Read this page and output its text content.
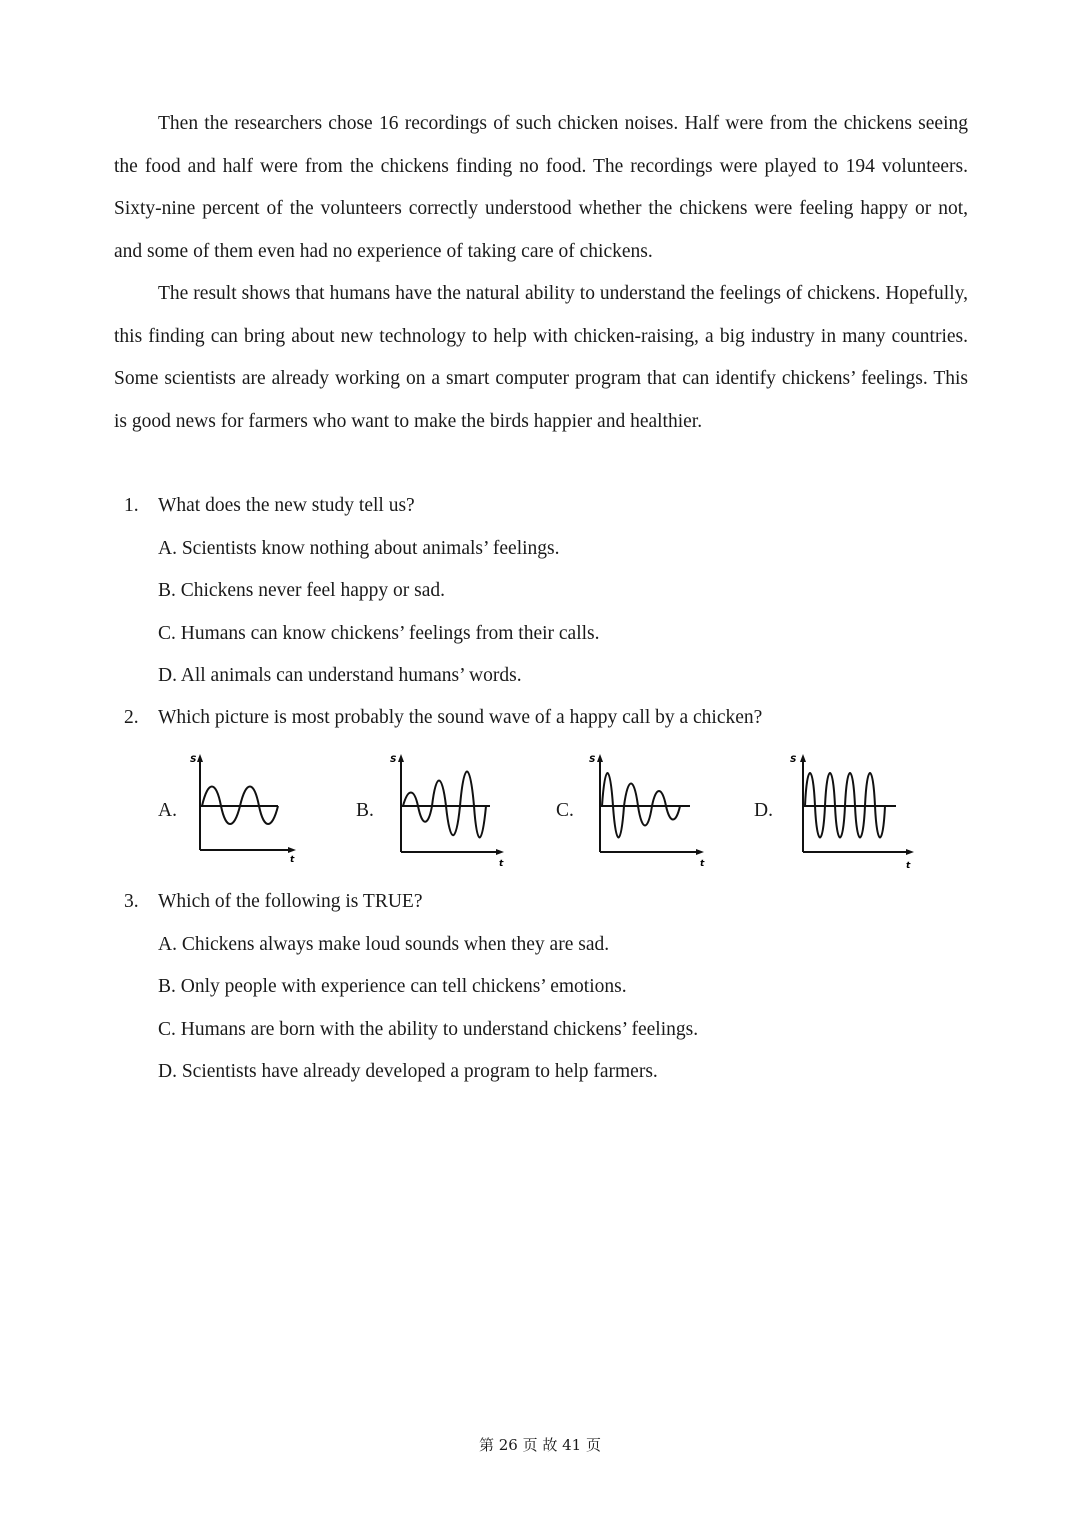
Then the researchers chose 16 recordings of such chicken noises. Half were from the chickens seeing the food and half were from the chickens finding no food. The recordings were played to 194 volunteers. Sixty-nine percent of the volunteers correctly understood whether the chickens were feeling happy or not, and some of them even had no experience of taking care of chickens.

The result shows that humans have the natural ability to understand the feelings of chickens. Hopefully, this finding can bring about new technology to help with chicken-raising, a big industry in many countries. Some scientists are already working on a smart computer program that can identify chickens’ feelings. This is good news for farmers who want to make the birds happier and healthier.

1. What does the new study tell us?
A. Scientists know nothing about animals’ feelings.
B. Chickens never feel happy or sad.
C. Humans can know chickens’ feelings from their calls.
D. All animals can understand humans’ words.
2. Which picture is most probably the sound wave of a happy call by a chicken?
A.	B.	C.	D.
S
t
S
t
S
t
S
t
3. Which of the following is TRUE?
A. Chickens always make loud sounds when they are sad.
B. Only people with experience can tell chickens’ emotions.
C. Humans are born with the ability to understand chickens’ feelings.
D. Scientists have already developed a program to help farmers.
第 26 页 故 41 页
